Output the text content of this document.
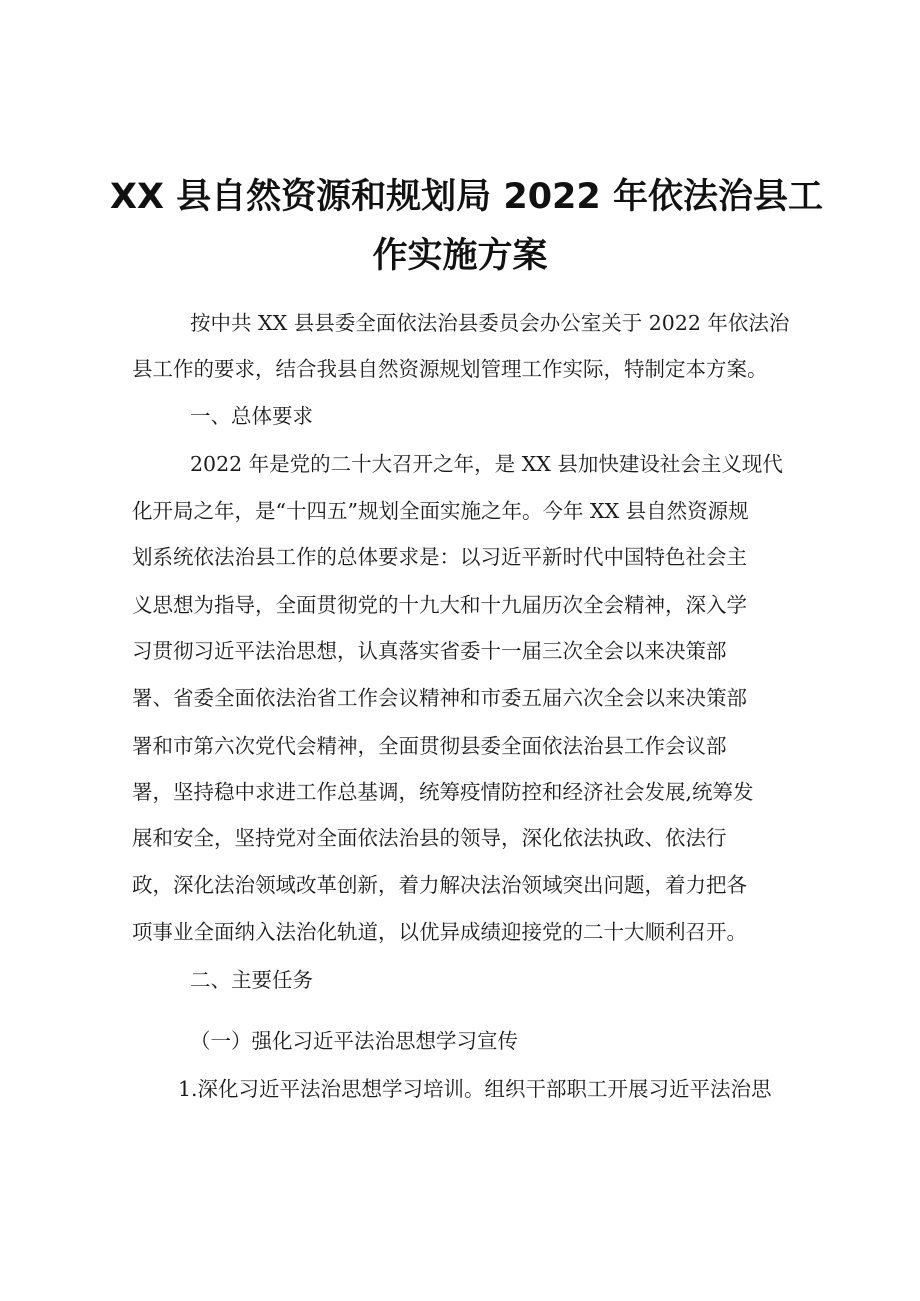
XX 县自然资源和规划局 2022 年依法治县工
作实施方案

按中共 XX 县县委全面依法治县委员会办公室关于 2022 年依法治

县工作的要求，结合我县自然资源规划管理工作实际，特制定本方案。

一、总体要求

2022 年是党的二十大召开之年，是 XX 县加快建设社会主义现代

化开局之年，是“十四五”规划全面实施之年。今年 XX 县自然资源规

划系统依法治县工作的总体要求是：以习近平新时代中国特色社会主

义思想为指导，全面贯彻党的十九大和十九届历次全会精神，深入学

习贯彻习近平法治思想，认真落实省委十一届三次全会以来决策部

署、省委全面依法治省工作会议精神和市委五届六次全会以来决策部

署和市第六次党代会精神，全面贯彻县委全面依法治县工作会议部

署，坚持稳中求进工作总基调，统筹疫情防控和经济社会发展,统筹发

展和安全，坚持党对全面依法治县的领导，深化依法执政、依法行

政，深化法治领域改革创新，着力解决法治领域突出问题，着力把各

项事业全面纳入法治化轨道，以优异成绩迎接党的二十大顺利召开。

二、主要任务

（一）强化习近平法治思想学习宣传

1.深化习近平法治思想学习培训。组织干部职工开展习近平法治思
